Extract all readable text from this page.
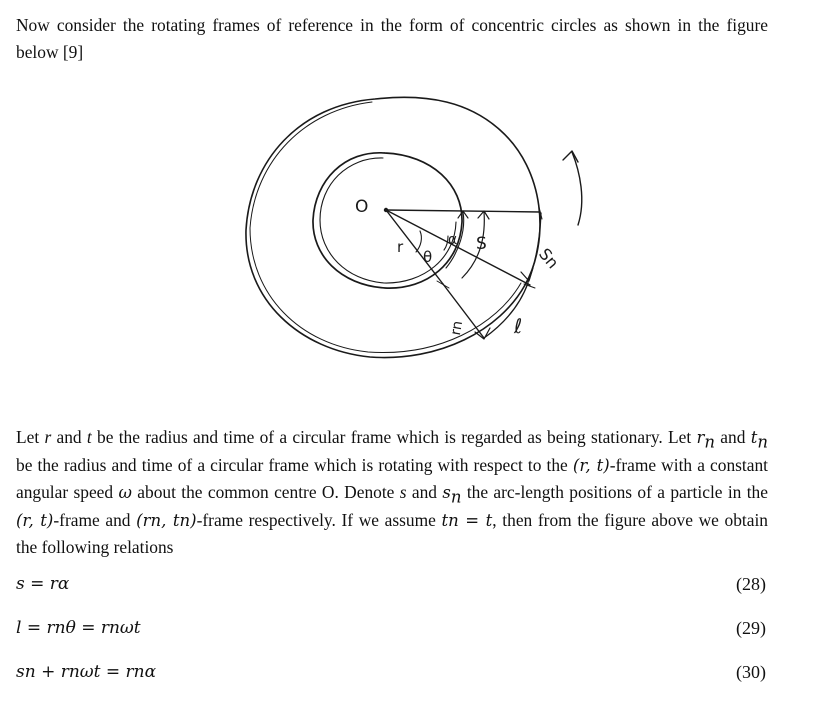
Now consider the rotating frames of reference in the form of concentric circles as shown in the figure below [9]
O
r
θ
α S
Sn
rn ℓ
Let r and t be the radius and time of a circular frame which is regarded as being stationary. Let $r_n$ and $t_n$ be the radius and time of a circular frame which is rotating with respect to the (r, t)-frame with a constant angular speed ω about the common centre O. Denote s and $s_n$ the arc-length positions of a particle in the (r, t)-frame and (rn, tn)-frame respectively. If we assume tn = t, then from the figure above we obtain the following relations
s = rα	(28)
l = rnθ = rnωt	(29)
sn + rnωt = rnα	(30)
